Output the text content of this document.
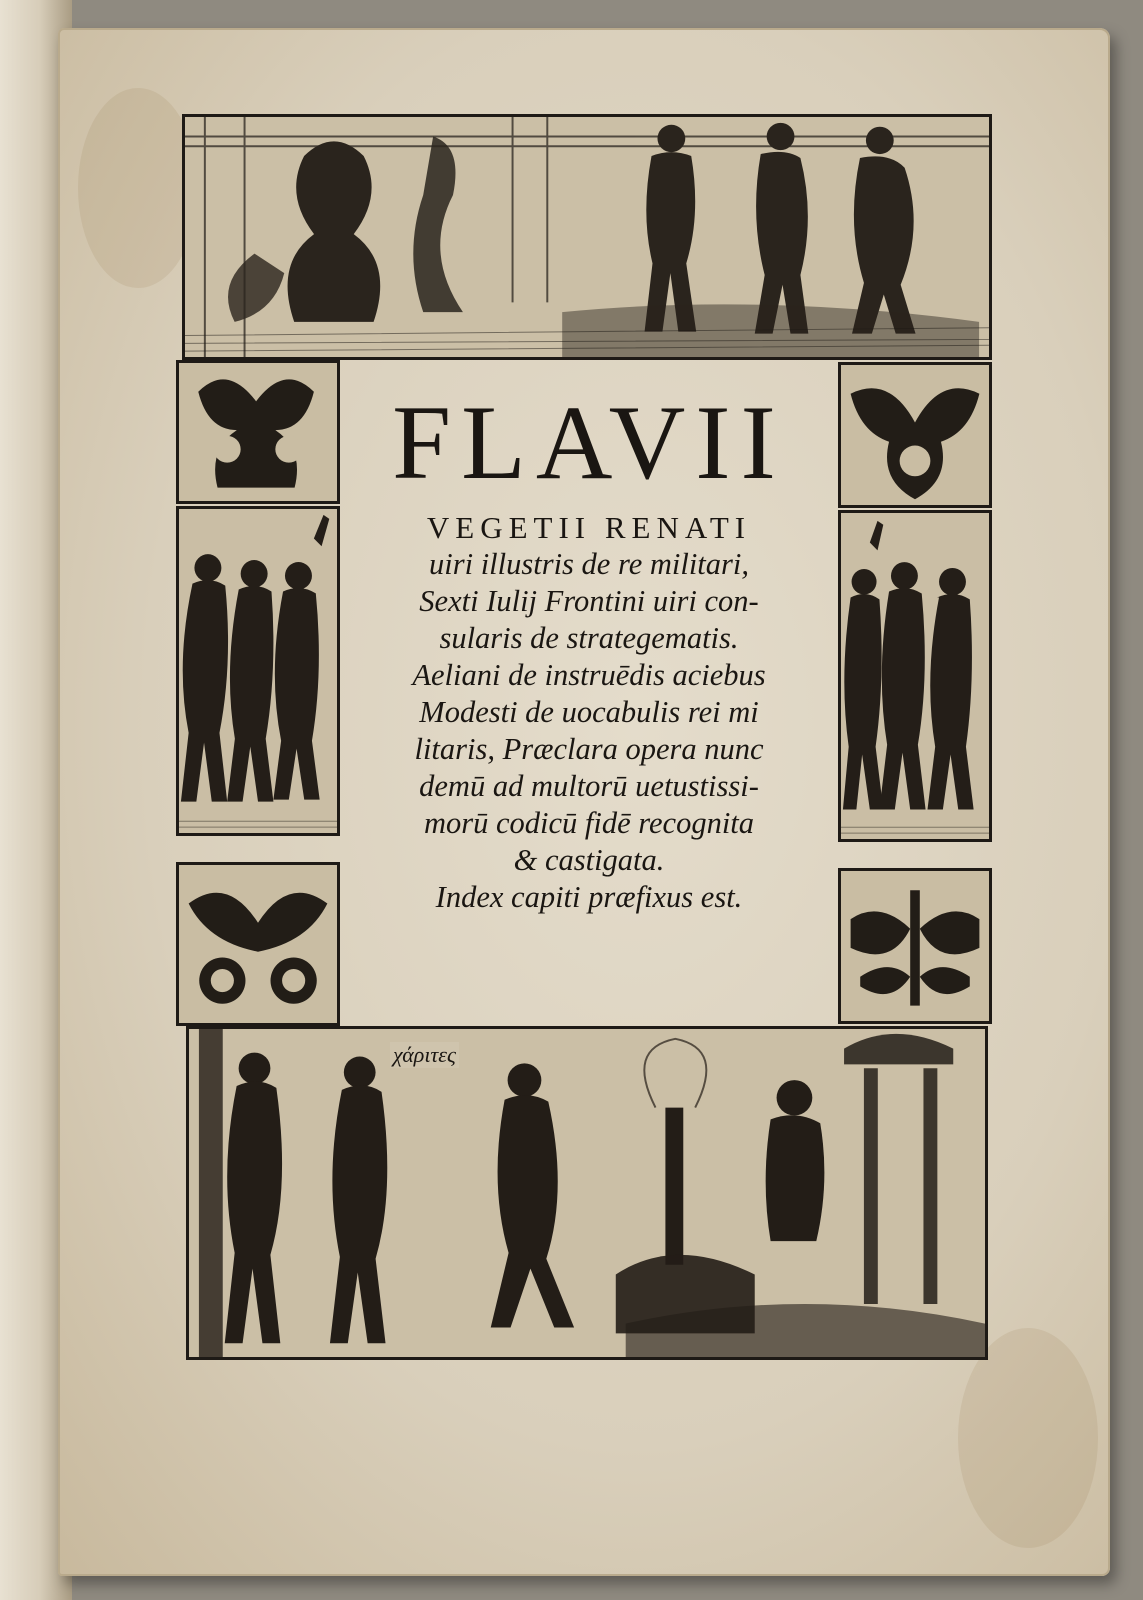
χάριτες
FLAVII
VEGETII RENATI
uiri illustris de re militari,
Sexti Iulij Frontini uiri con-
sularis de strategematis.
Aeliani de instruēdis aciebus
Modesti de uocabulis rei mi
litaris, Præclara opera nunc
demū ad multorū uetustissi-
morū codicū fidē recognita
& castigata.
Index capiti præfixus est.
